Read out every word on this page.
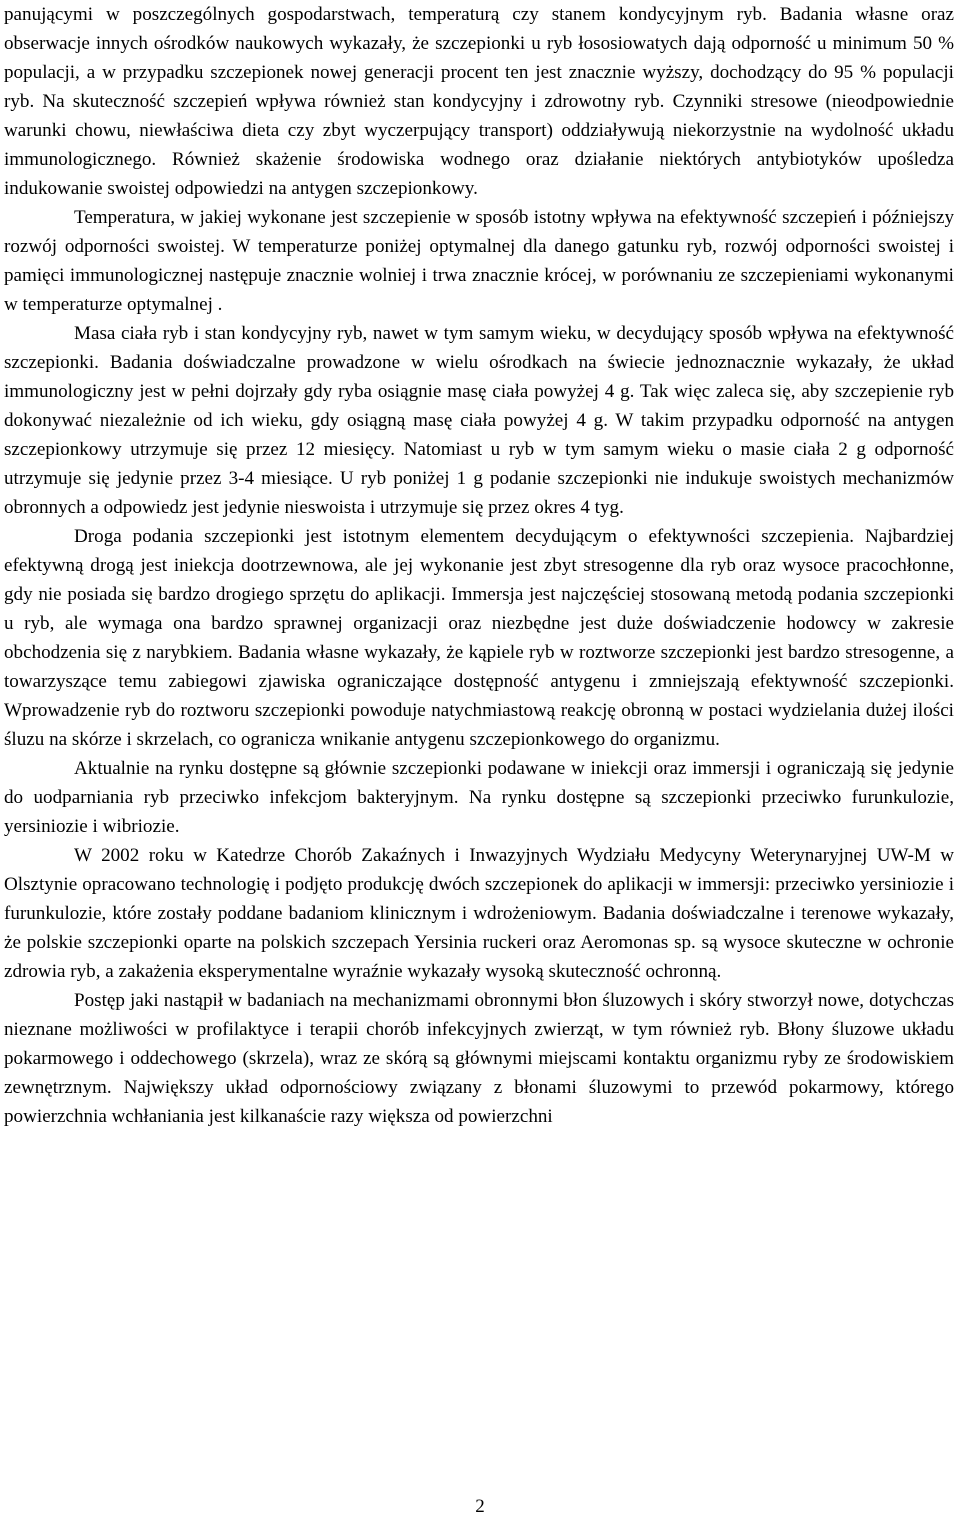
panującymi w poszczególnych gospodarstwach, temperaturą czy stanem kondycyjnym ryb. Badania własne oraz obserwacje innych ośrodków naukowych wykazały, że szczepionki u ryb łososiowatych dają odporność u minimum 50 % populacji, a w przypadku szczepionek nowej generacji procent ten jest znacznie wyższy, dochodzący do 95 % populacji ryb. Na skuteczność szczepień wpływa również stan kondycyjny i zdrowotny ryb. Czynniki stresowe (nieodpowiednie warunki chowu, niewłaściwa dieta czy zbyt wyczerpujący transport) oddziaływują niekorzystnie na wydolność układu immunologicznego. Również skażenie środowiska wodnego oraz działanie niektórych antybiotyków upośledza indukowanie swoistej odpowiedzi na antygen szczepionkowy.

Temperatura, w jakiej wykonane jest szczepienie w sposób istotny wpływa na efektywność szczepień i późniejszy rozwój odporności swoistej. W temperaturze poniżej optymalnej dla danego gatunku ryb, rozwój odporności swoistej i pamięci immunologicznej następuje znacznie wolniej i trwa znacznie krócej, w porównaniu ze szczepieniami wykonanymi w temperaturze optymalnej .

Masa ciała ryb i stan kondycyjny ryb, nawet w tym samym wieku, w decydujący sposób wpływa na efektywność szczepionki. Badania doświadczalne prowadzone w wielu ośrodkach na świecie jednoznacznie wykazały, że układ immunologiczny jest w pełni dojrzały gdy ryba osiągnie masę ciała powyżej 4 g. Tak więc zaleca się, aby szczepienie ryb dokonywać niezależnie od ich wieku, gdy osiągną masę ciała powyżej 4 g. W takim przypadku odporność na antygen szczepionkowy utrzymuje się przez 12 miesięcy. Natomiast u ryb w tym samym wieku o masie ciała 2 g odporność utrzymuje się jedynie przez 3-4 miesiące. U ryb poniżej 1 g podanie szczepionki nie indukuje swoistych mechanizmów obronnych a odpowiedz jest jedynie nieswoista i utrzymuje się przez okres 4 tyg.

Droga podania szczepionki jest istotnym elementem decydującym o efektywności szczepienia. Najbardziej efektywną drogą jest iniekcja dootrzewnowa, ale jej wykonanie jest zbyt stresogenne dla ryb oraz wysoce pracochłonne, gdy nie posiada się bardzo drogiego sprzętu do aplikacji. Immersja jest najczęściej stosowaną metodą podania szczepionki u ryb, ale wymaga ona bardzo sprawnej organizacji oraz niezbędne jest duże doświadczenie hodowcy w zakresie obchodzenia się z narybkiem. Badania własne wykazały, że kąpiele ryb w roztworze szczepionki jest bardzo stresogenne, a towarzyszące temu zabiegowi zjawiska ograniczające dostępność antygenu i zmniejszają efektywność szczepionki. Wprowadzenie ryb do roztworu szczepionki powoduje natychmiastową reakcję obronną w postaci wydzielania dużej ilości śluzu na skórze i skrzelach, co ogranicza wnikanie antygenu szczepionkowego do organizmu.

Aktualnie na rynku dostępne są głównie szczepionki podawane w iniekcji oraz immersji i ograniczają się jedynie do uodparniania ryb przeciwko infekcjom bakteryjnym. Na rynku dostępne są szczepionki przeciwko furunkulozie, yersiniozie i wibriozie.

W 2002 roku w Katedrze Chorób Zakaźnych i Inwazyjnych Wydziału Medycyny Weterynaryjnej UW-M w Olsztynie opracowano technologię i podjęto produkcję dwóch szczepionek do aplikacji w immersji: przeciwko yersiniozie i furunkulozie, które zostały poddane badaniom klinicznym i wdrożeniowym. Badania doświadczalne i terenowe wykazały, że polskie szczepionki oparte na polskich szczepach Yersinia ruckeri oraz Aeromonas sp. są wysoce skuteczne w ochronie zdrowia ryb, a zakażenia eksperymentalne wyraźnie wykazały wysoką skuteczność ochronną.

Postęp jaki nastąpił w badaniach na mechanizmami obronnymi błon śluzowych i skóry stworzył nowe, dotychczas nieznane możliwości w profilaktyce i terapii chorób infekcyjnych zwierząt, w tym również ryb. Błony śluzowe układu pokarmowego i oddechowego (skrzela), wraz ze skórą są głównymi miejscami kontaktu organizmu ryby ze środowiskiem zewnętrznym. Największy układ odpornościowy związany z błonami śluzowymi to przewód pokarmowy, którego powierzchnia wchłaniania jest kilkanaście razy większa od powierzchni

2
